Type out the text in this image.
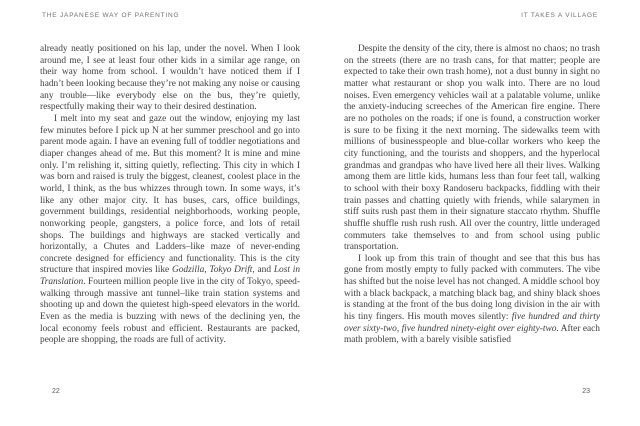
THE JAPANESE WAY OF PARENTING

already neatly positioned on his lap, under the novel. When I look around me, I see at least four other kids in a similar age range, on their way home from school. I wouldn’t have noticed them if I hadn’t been looking because they’re not making any noise or causing any trouble—like everybody else on the bus, they’re quietly, respectfully making their way to their desired destination.

I melt into my seat and gaze out the window, enjoying my last few minutes before I pick up N at her summer preschool and go into parent mode again. I have an evening full of toddler negotiations and diaper changes ahead of me. But this moment? It is mine and mine only. I’m relishing it, sitting quietly, reflecting. This city in which I was born and raised is truly the biggest, cleanest, coolest place in the world, I think, as the bus whizzes through town. In some ways, it’s like any other major city. It has buses, cars, office buildings, government buildings, residential neighborhoods, working people, nonworking people, gangsters, a police force, and lots of retail shops. The buildings and highways are stacked vertically and horizontally, a Chutes and Ladders–like maze of never-ending concrete designed for efficiency and functionality. This is the city structure that inspired movies like Godzilla, Tokyo Drift, and Lost in Translation. Fourteen million people live in the city of Tokyo, speed-walking through massive ant tunnel–like train station systems and shooting up and down the quietest high-speed elevators in the world. Even as the media is buzzing with news of the declining yen, the local economy feels robust and efficient. Restaurants are packed, people are shopping, the roads are full of activity.

22
IT TAKES A VILLAGE

Despite the density of the city, there is almost no chaos; no trash on the streets (there are no trash cans, for that matter; people are expected to take their own trash home), not a dust bunny in sight no matter what restaurant or shop you walk into. There are no loud noises. Even emergency vehicles wail at a palatable volume, unlike the anxiety-inducing screeches of the American fire engine. There are no potholes on the roads; if one is found, a construction worker is sure to be fixing it the next morning. The sidewalks teem with millions of businesspeople and blue-collar workers who keep the city functioning, and the tourists and shoppers, and the hyperlocal grandmas and grandpas who have lived here all their lives. Walking among them are little kids, humans less than four feet tall, walking to school with their boxy Randoseru backpacks, fiddling with their train passes and chatting quietly with friends, while salarymen in stiff suits rush past them in their signature staccato rhythm. Shuffle shuffle shuffle rush rush rush. All over the country, little underaged commuters take themselves to and from school using public transportation.

I look up from this train of thought and see that this bus has gone from mostly empty to fully packed with commuters. The vibe has shifted but the noise level has not changed. A middle school boy with a black backpack, a matching black bag, and shiny black shoes is standing at the front of the bus doing long division in the air with his tiny fingers. His mouth moves silently: five hundred and thirty over sixty-two, five hundred ninety-eight over eighty-two. After each math problem, with a barely visible satisfied

23
